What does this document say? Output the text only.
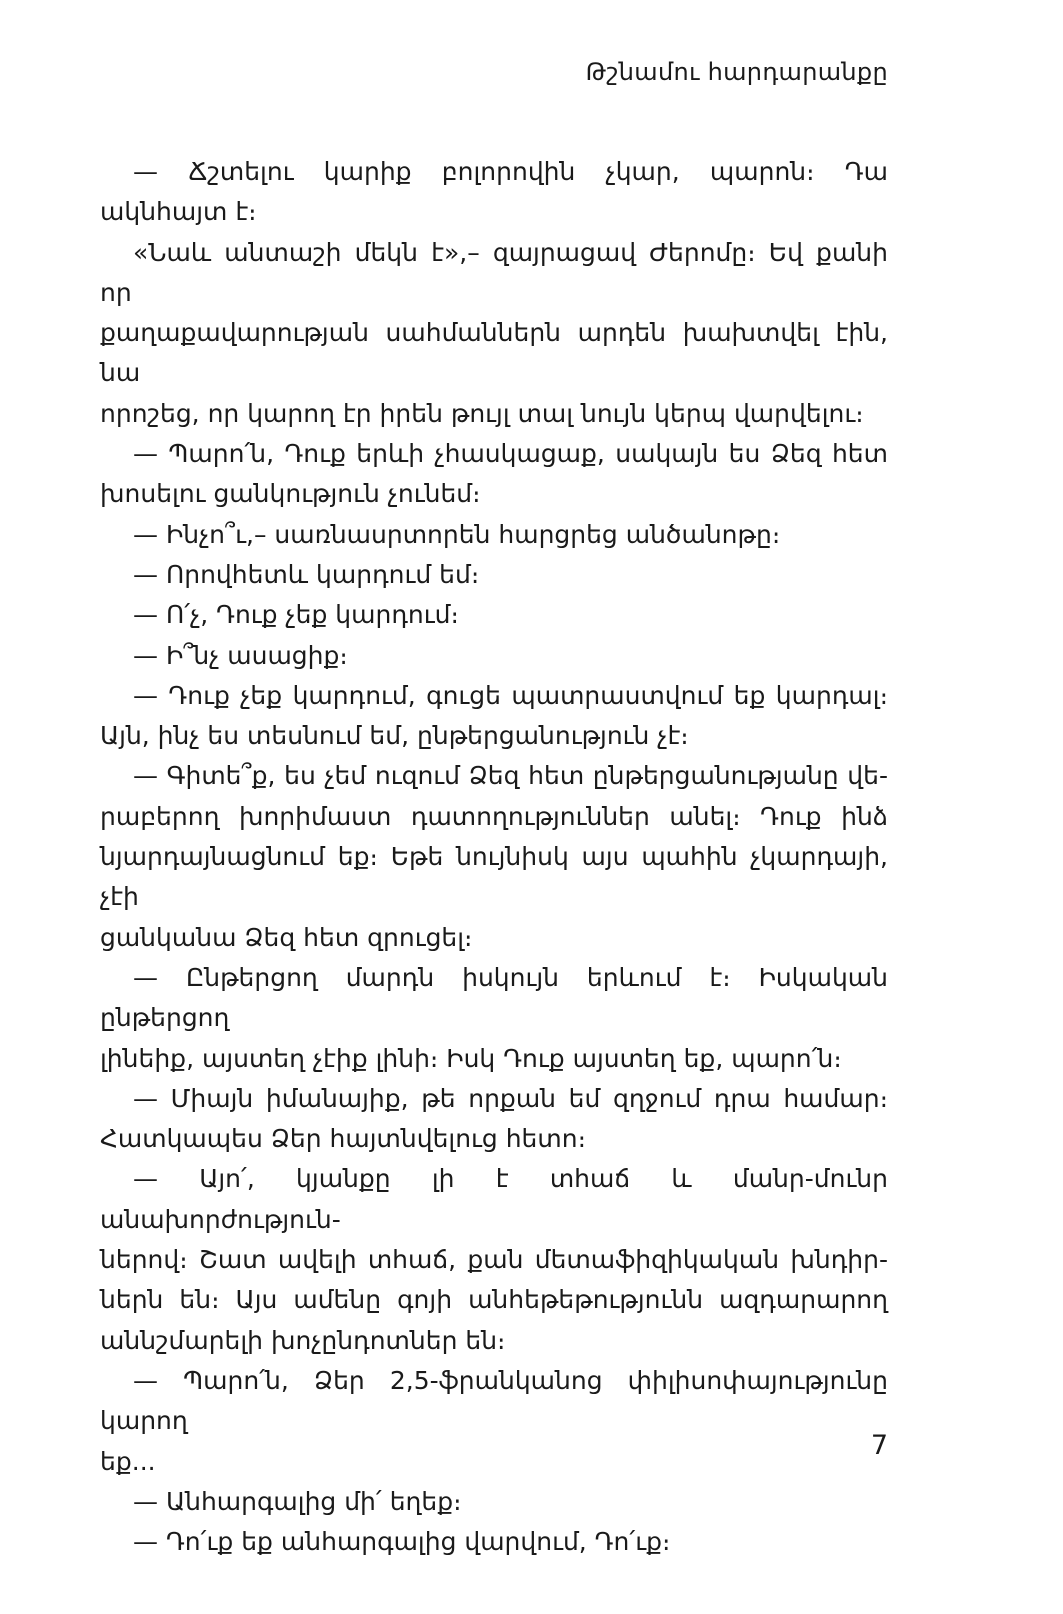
Թշնամու հարդարանքը
— Ճշտելու կարիք բոլորովին չկար, պարոն։ Դա ակնհայտ է։
«Նաև անտաշի մեկն է»,– զայրացավ Ժերոմը։ Եվ քանի որ
քաղաքավարության սահմաններն արդեն խախտվել էին, նա
որոշեց, որ կարող էր իրեն թույլ տալ նույն կերպ վարվելու։
— Պարո՛ն, Դուք երևի չհասկացաք, սակայն ես Ձեզ հետ
խոսելու ցանկություն չունեմ։
— Ինչո՞ւ,– սառնասրտորեն հարցրեց անծանոթը։
— Որովհետև կարդում եմ։
— Ո՛չ, Դուք չեք կարդում։
— Ի՞նչ ասացիք։
— Դուք չեք կարդում, գուցե պատրաստվում եք կարդալ։
Այն, ինչ ես տեսնում եմ, ընթերցանություն չէ։
— Գիտե՞ք, ես չեմ ուզում Ձեզ հետ ընթերցանությանը վե-
րաբերող խորիմաստ դատողություններ անել։ Դուք ինձ
նյարդայնացնում եք։ Եթե նույնիսկ այս պահին չկարդայի, չէի
ցանկանա Ձեզ հետ զրուցել։
— Ընթերցող մարդն իսկույն երևում է։ Իսկական ընթերցող
լինեիք, այստեղ չէիք լինի։ Իսկ Դուք այստեղ եք, պարո՛ն։
— Միայն իմանայիք, թե որքան եմ զղջում դրա համար։
Հատկապես Ձեր հայտնվելուց հետո։
— Այո՛, կյանքը լի է տհաճ և մանր-մունր անախորժություն-
ներով։ Շատ ավելի տհաճ, քան մետաֆիզիկական խնդիր-
ներն են։ Այս ամենը գոյի անհեթեթությունն ազդարարող
աննշմարելի խոչընդոտներ են։
— Պարո՛ն, Ձեր 2,5-ֆրանկանոց փիլիսոփայությունը կարող
եք...
— Անհարգալից մի՛ եղեք։
— Դո՛ւք եք անհարգալից վարվում, Դո՛ւք։
7
